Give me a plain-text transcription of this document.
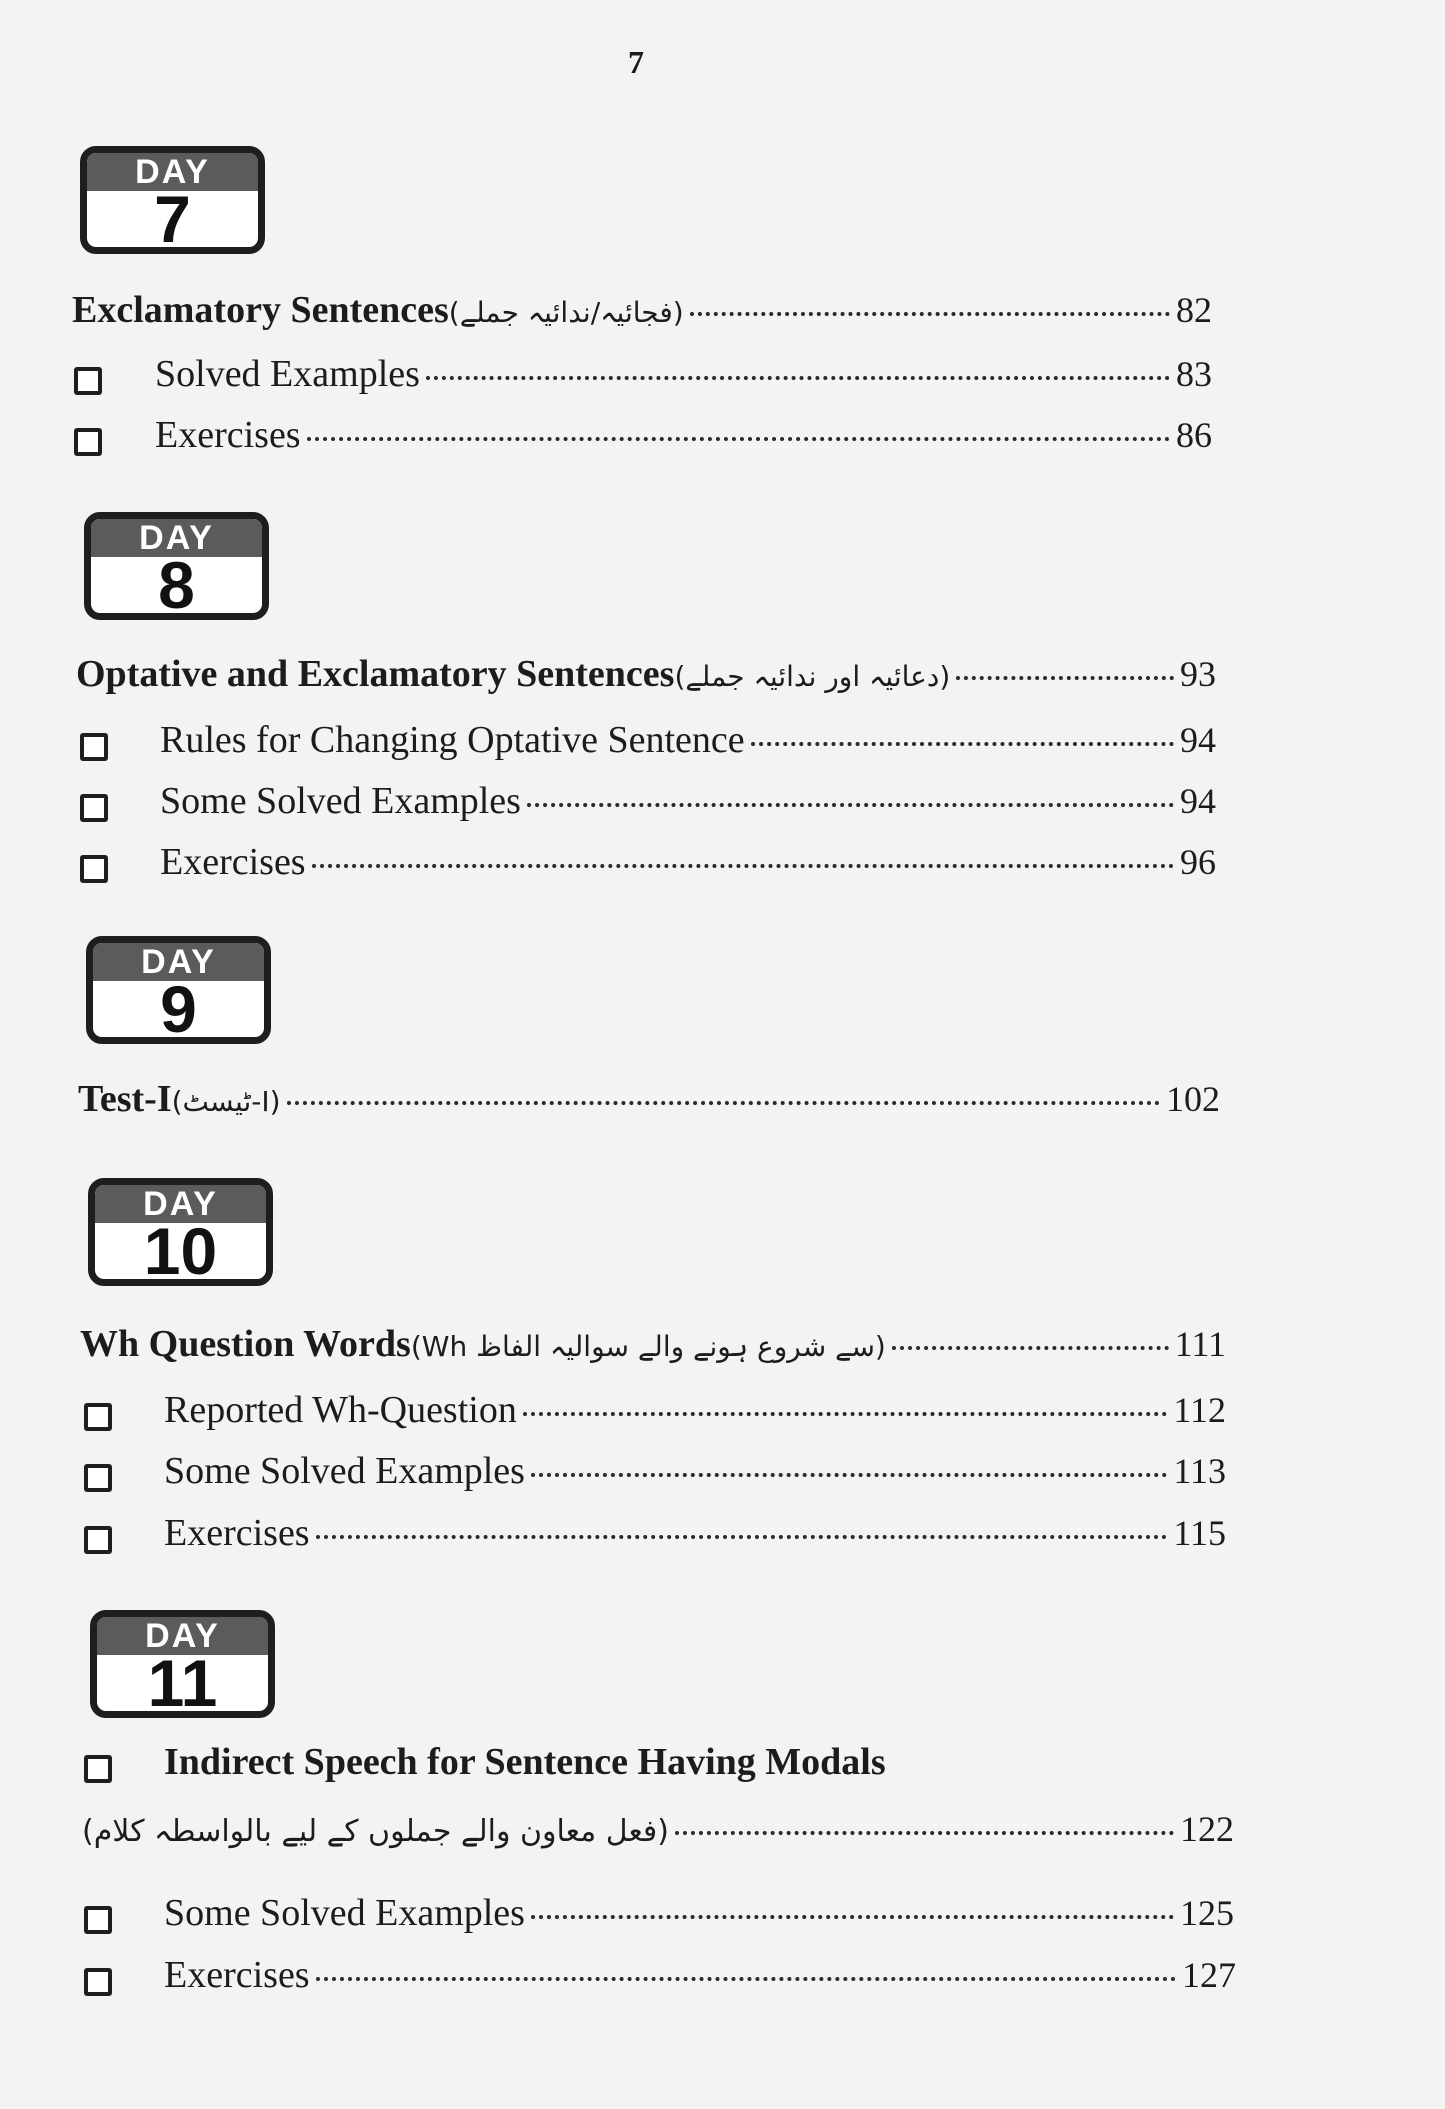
7
DAY
7
Exclamatory Sentences (فجائیہ/ندائیہ جملے)	82
Solved Examples	83
Exercises	86
DAY
8
Optative and Exclamatory Sentences (دعائیہ اور ندائیہ جملے)	93
Rules for Changing Optative Sentence	94
Some Solved Examples	94
Exercises	96
DAY
9
Test-I (ٹیسٹ-I)	102
DAY
10
Wh Question Words (Wh سے شروع ہونے والے سوالیہ الفاظ)	111
Reported Wh-Question	112
Some Solved Examples	113
Exercises	115
DAY
11
Indirect Speech for Sentence Having Modals
(فعل معاون والے جملوں کے لیے بالواسطہ کلام)	122
Some Solved Examples	125
Exercises	127
